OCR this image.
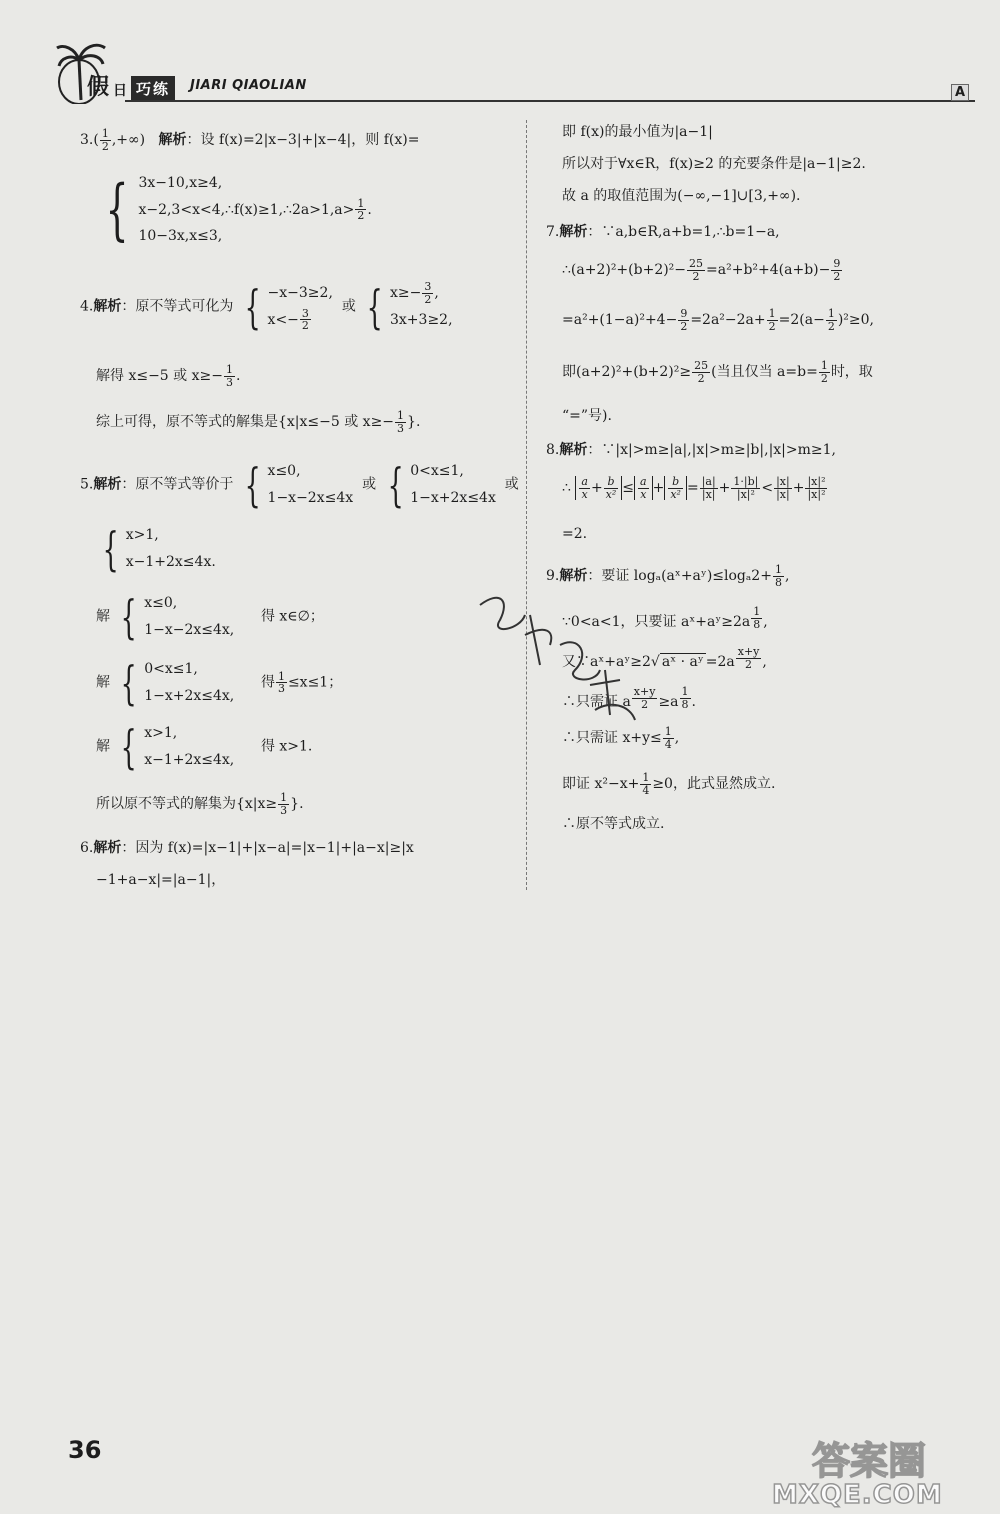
假 日 巧练	JIARI QIAOLIAN	A
$3.( \frac{1}{2}$ ,+∞) 解析：设 f(x)=2|x−3|+|x−4|，则 f(x)=
{ 3x−10,x≥4,
x−2,3<x<4,∴f(x)≥1,∴2a>1,a> $\frac{1}{2}$ .
10−3x,x≤3,
4.解析：原不等式可化为 { −x−3≥2,
$x<- \frac{3}{2}$
或 { $x\ge- \frac{3}{2}$ ,
3x+3≥2,
解得 x≤−5 或 $x\ge- \frac{1}{3}$ .
综上可得，原不等式的解集是{x|x≤−5 或 $x\ge- \frac{1}{3}$ }.
5.解析：原不等式等价于 { x≤0,
1−x−2x≤4x
或 { 0<x≤1,
1−x+2x≤4x
或
{ x>1,
x−1+2x≤4x.
解 { x≤0,
1−x−2x≤4x,
得 x∈∅；
解 { 0<x≤1,
1−x+2x≤4x,
得 $\frac{1}{3} \le x\le 1$；
解 { x>1,
x−1+2x≤4x,
得 x>1.
所以原不等式的解集为{$x|x\ge \frac{1}{3}$ }.
6.解析：因为 f(x)=|x−1|+|x−a|=|x−1|+|a−x|≥|x
−1+a−x|=|a−1|，
即 f(x)的最小值为|a−1|
所以对于∀x∈R，f(x)≥2 的充要条件是|a−1|≥2.
故 a 的取值范围为(−∞,−1]∪[3,+∞).
7.解析：∵a,b∈R,a+b=1,∴b=1−a,
∴(a+2)²+(b+2)²− $\frac{25}{2} =a^2+b^2+4(a+b)- \frac{9}{2}$
$=a^2+(1-a)^2+4- \frac{9}{2} =2a^2-2a+ \frac{1}{2} =2(a- \frac{1}{2} )^2\ge 0$,
即$(a+2)^2+(b+2)^2\ge \frac{25}{2}$ (当且仅当 $a=b= \frac{1}{2}$ 时，取
“=”号).
8.解析：∵|x|>m≥|a|,|x|>m≥|b|,|x|>m≥1,
∴ $\frac{a}{x} + \frac{b}{\text{x²}} \le \frac{a}{x} + \frac{b}{\text{x²}} = \frac{|a|}{|x|} + \frac{1\cdot|b|}{\text{|x|²}} < \frac{|x|}{|x|} + \frac{\text{|x|²}}{\text{|x|²}}$
=2.
9.解析：要证 logₐ(aˣ+aʸ)≤logₐ2+ $\frac{1}{8}$ ,
∵0<a<1，只要证 aˣ+aʸ≥2a $^{\frac{1}{8}}$ ,
又∵aˣ+aʸ≥2√ aˣ · aʸ =2a $^{\frac{x+y}{2}}$ ,
∴只需证 a $^{\frac{x+y}{2}}$ ≥a $^{\frac{1}{8}}$ .
∴只需证 $x+y\le \frac{1}{4}$ ,
即证 $x^2-x+ \frac{1}{4} \ge 0$，此式显然成立.
∴原不等式成立.
36	答案圈
MXQE.COM
